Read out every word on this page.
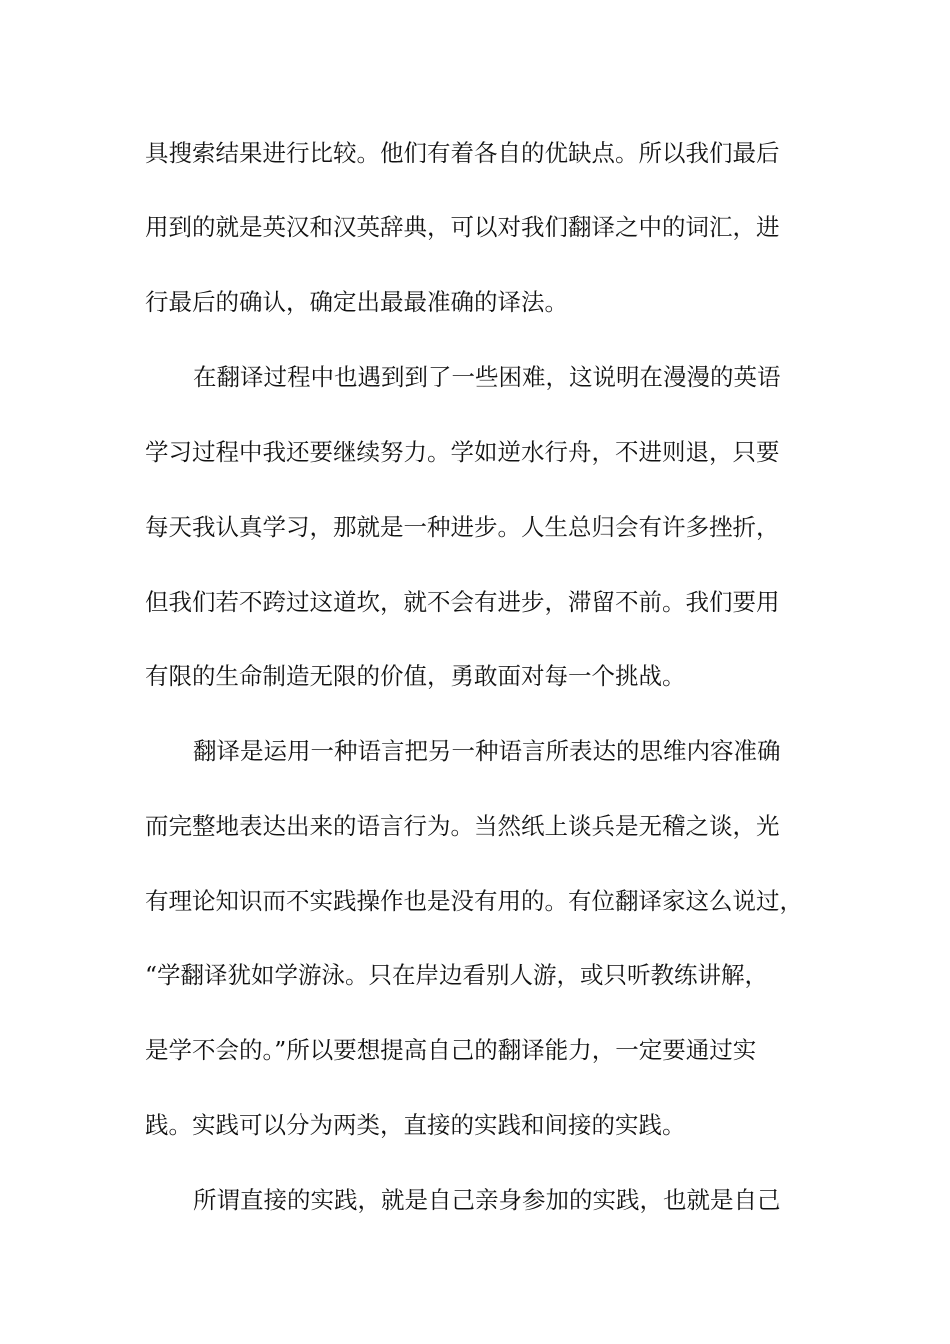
具搜索结果进行比较。他们有着各自的优缺点。所以我们最后

用到的就是英汉和汉英辞典，可以对我们翻译之中的词汇，进

行最后的确认，确定出最最准确的译法。

在翻译过程中也遇到到了一些困难，这说明在漫漫的英语

学习过程中我还要继续努力。学如逆水行舟，不进则退，只要

每天我认真学习，那就是一种进步。人生总归会有许多挫折，

但我们若不跨过这道坎，就不会有进步，滞留不前。我们要用

有限的生命制造无限的价值，勇敢面对每一个挑战。

翻译是运用一种语言把另一种语言所表达的思维内容准确

而完整地表达出来的语言行为。当然纸上谈兵是无稽之谈，光

有理论知识而不实践操作也是没有用的。有位翻译家这么说过，

“学翻译犹如学游泳。只在岸边看别人游，或只听教练讲解，

是学不会的。”所以要想提高自己的翻译能力，一定要通过实

践。实践可以分为两类，直接的实践和间接的实践。

所谓直接的实践，就是自己亲身参加的实践，也就是自己
